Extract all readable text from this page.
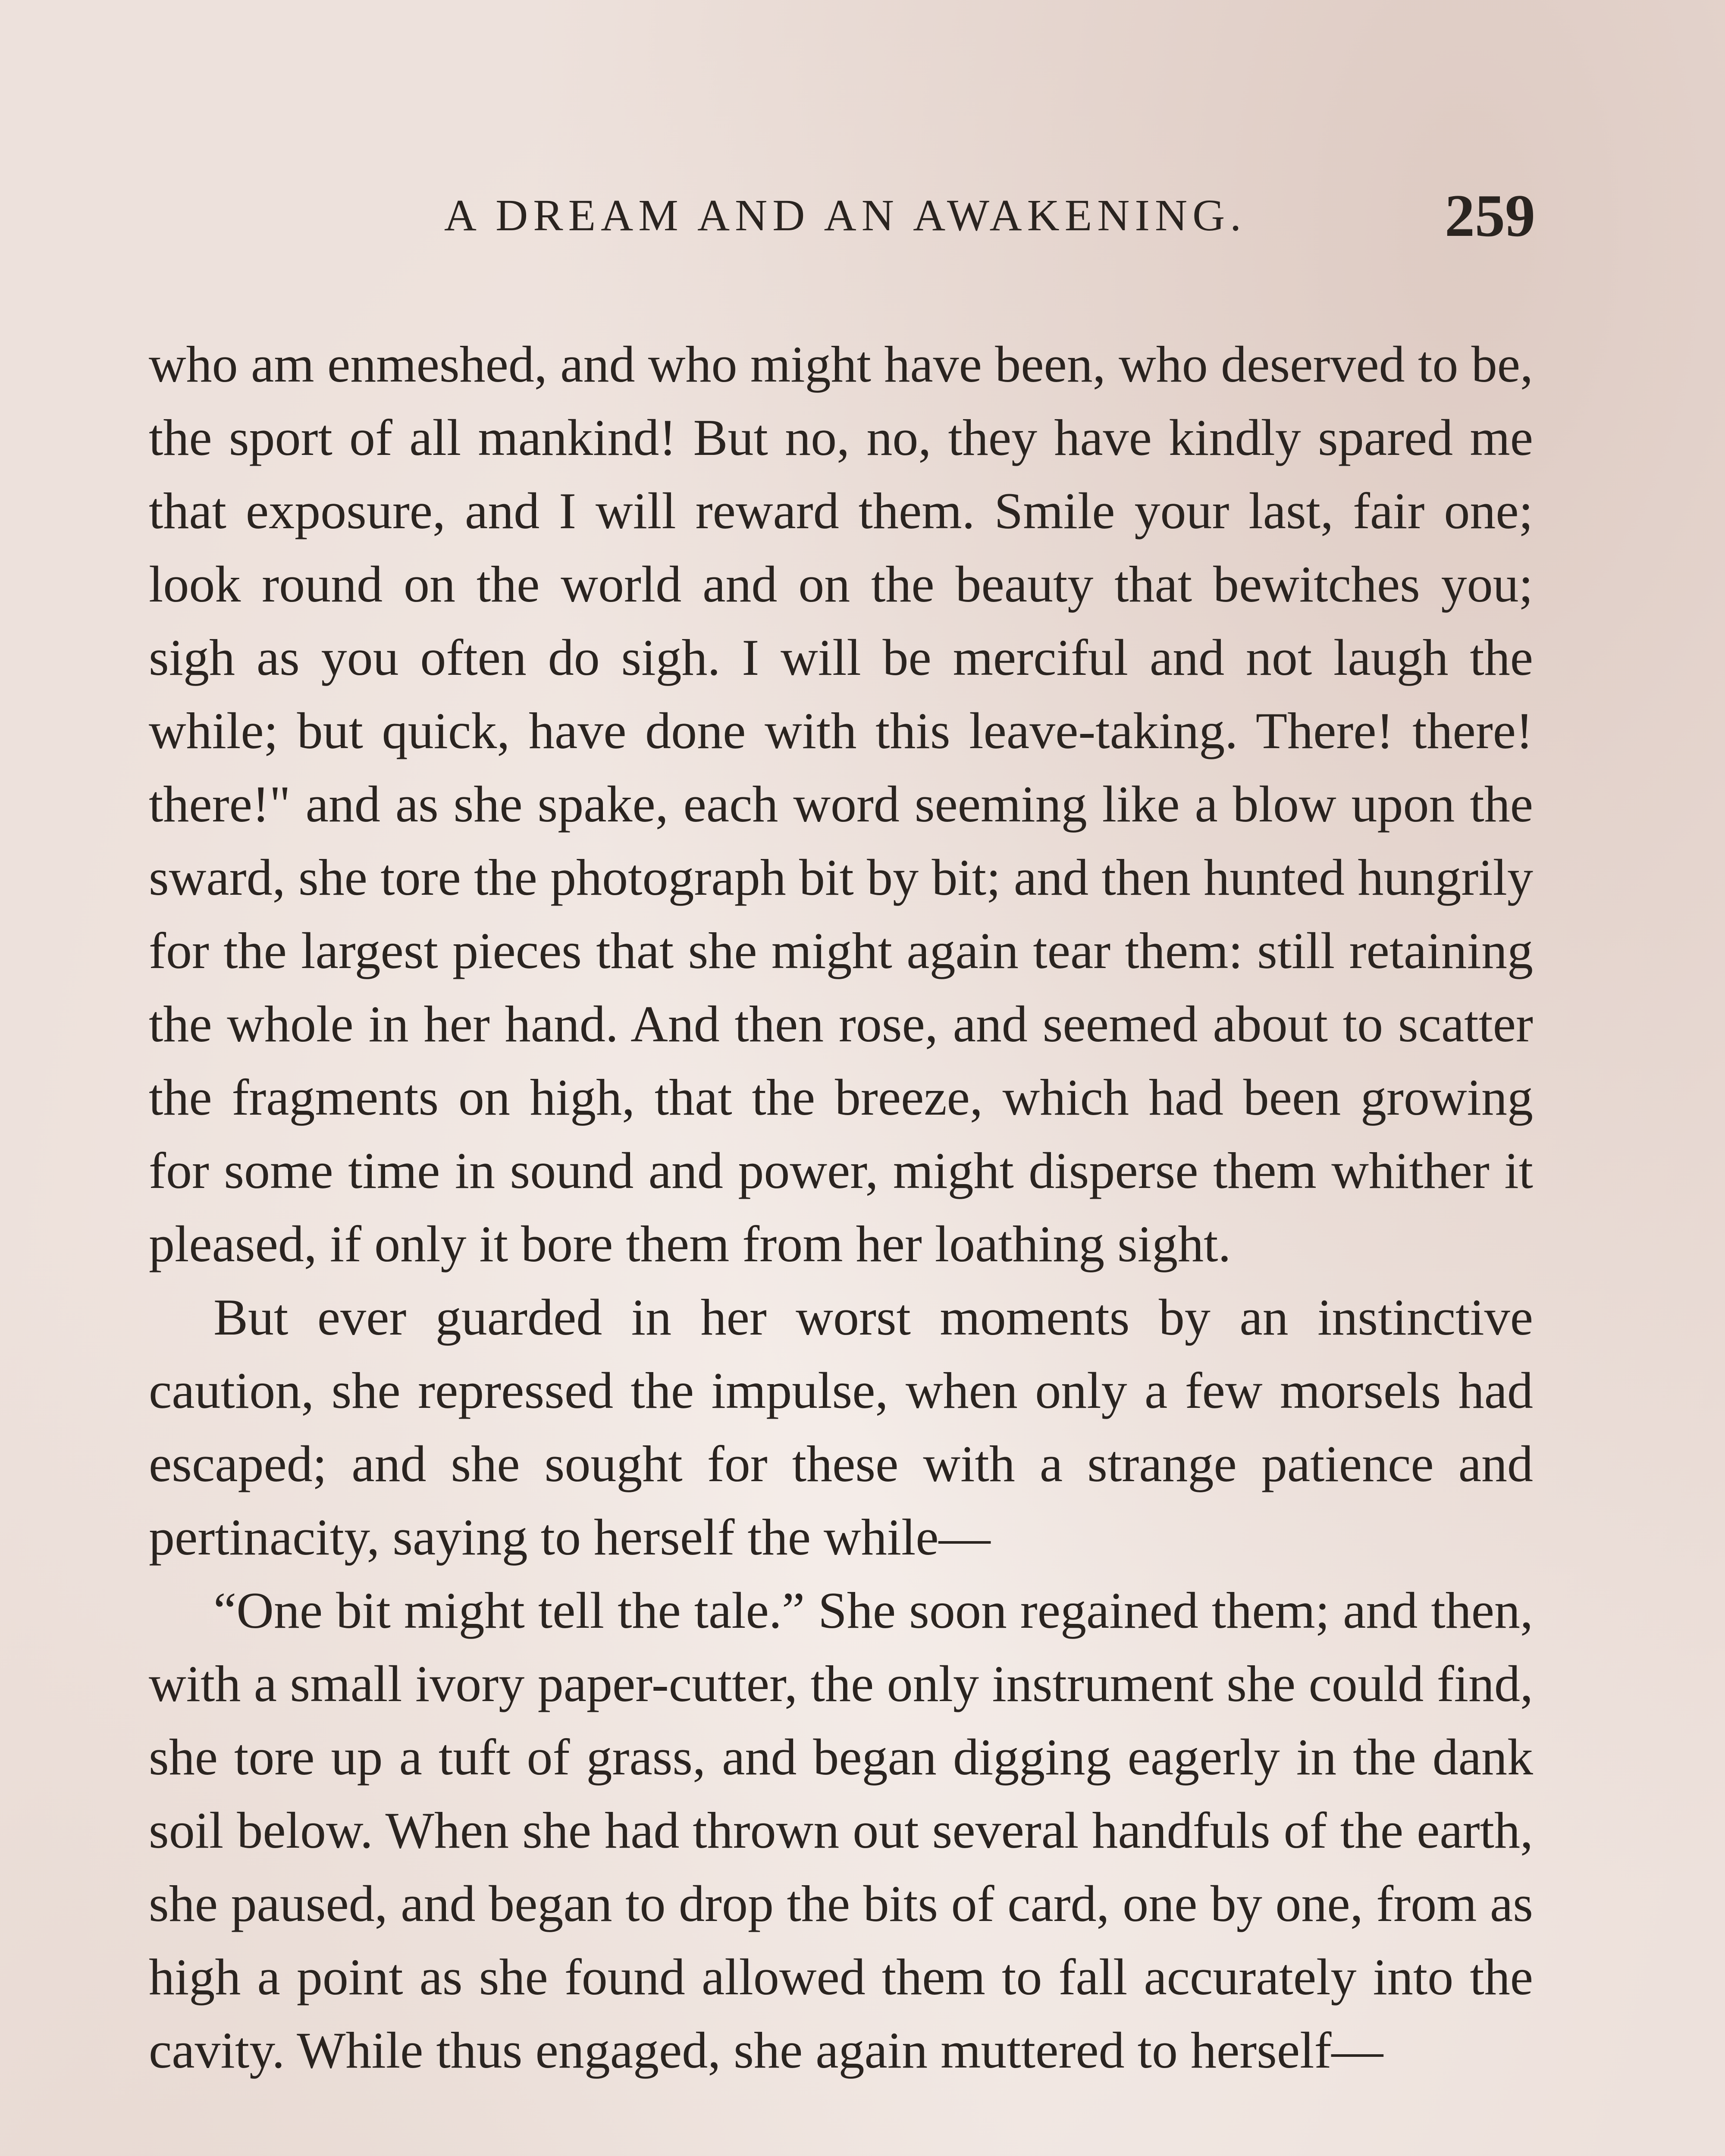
A DREAM AND AN AWAKENING.	259

who am enmeshed, and who might have been, who deserved to be, the sport of all mankind! But no, no, they have kindly spared me that exposure, and I will reward them. Smile your last, fair one; look round on the world and on the beauty that bewitches you; sigh as you often do sigh. I will be merciful and not laugh the while; but quick, have done with this leave-taking. There! there! there!" and as she spake, each word seeming like a blow upon the sward, she tore the photograph bit by bit; and then hunted hungrily for the largest pieces that she might again tear them: still retaining the whole in her hand. And then rose, and seemed about to scatter the fragments on high, that the breeze, which had been growing for some time in sound and power, might disperse them whither it pleased, if only it bore them from her loathing sight.

But ever guarded in her worst moments by an instinctive caution, she repressed the impulse, when only a few morsels had escaped; and she sought for these with a strange patience and pertinacity, saying to herself the while—

“One bit might tell the tale.” She soon regained them; and then, with a small ivory paper-cutter, the only instrument she could find, she tore up a tuft of grass, and began digging eagerly in the dank soil below. When she had thrown out several handfuls of the earth, she paused, and began to drop the bits of card, one by one, from as high a point as she found allowed them to fall accurately into the cavity. While thus engaged, she again muttered to herself—
